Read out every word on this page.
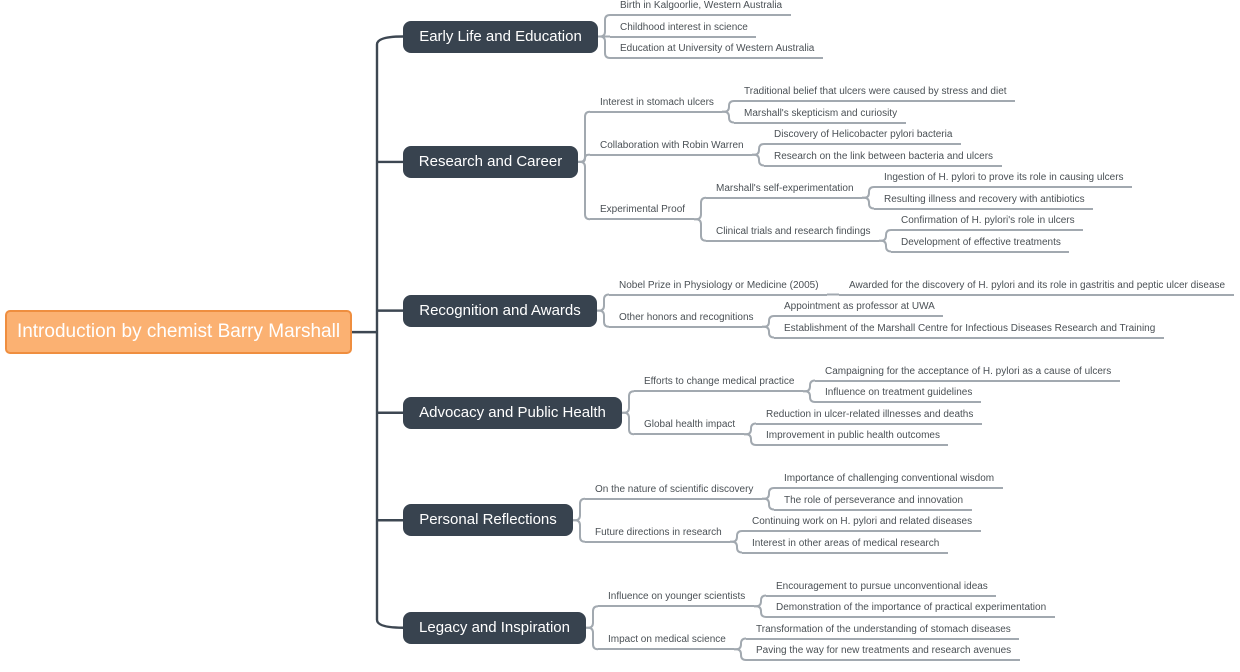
Introduction by chemist Barry Marshall
Early Life and Education
Birth in Kalgoorlie, Western Australia
Childhood interest in science
Education at University of Western Australia
Research and Career
Interest in stomach ulcers
Traditional belief that ulcers were caused by stress and diet
Marshall's skepticism and curiosity
Collaboration with Robin Warren
Discovery of Helicobacter pylori bacteria
Research on the link between bacteria and ulcers
Experimental Proof
Marshall's self-experimentation
Ingestion of H. pylori to prove its role in causing ulcers
Resulting illness and recovery with antibiotics
Clinical trials and research findings
Confirmation of H. pylori's role in ulcers
Development of effective treatments
Recognition and Awards
Nobel Prize in Physiology or Medicine (2005)	Awarded for the discovery of H. pylori and its role in gastritis and peptic ulcer disease
Other honors and recognitions
Appointment as professor at UWA
Establishment of the Marshall Centre for Infectious Diseases Research and Training
Advocacy and Public Health
Efforts to change medical practice
Campaigning for the acceptance of H. pylori as a cause of ulcers
Influence on treatment guidelines
Global health impact
Reduction in ulcer-related illnesses and deaths
Improvement in public health outcomes
Personal Reflections
On the nature of scientific discovery
Importance of challenging conventional wisdom
The role of perseverance and innovation
Future directions in research
Continuing work on H. pylori and related diseases
Interest in other areas of medical research
Legacy and Inspiration
Influence on younger scientists
Encouragement to pursue unconventional ideas
Demonstration of the importance of practical experimentation
Impact on medical science
Transformation of the understanding of stomach diseases
Paving the way for new treatments and research avenues
